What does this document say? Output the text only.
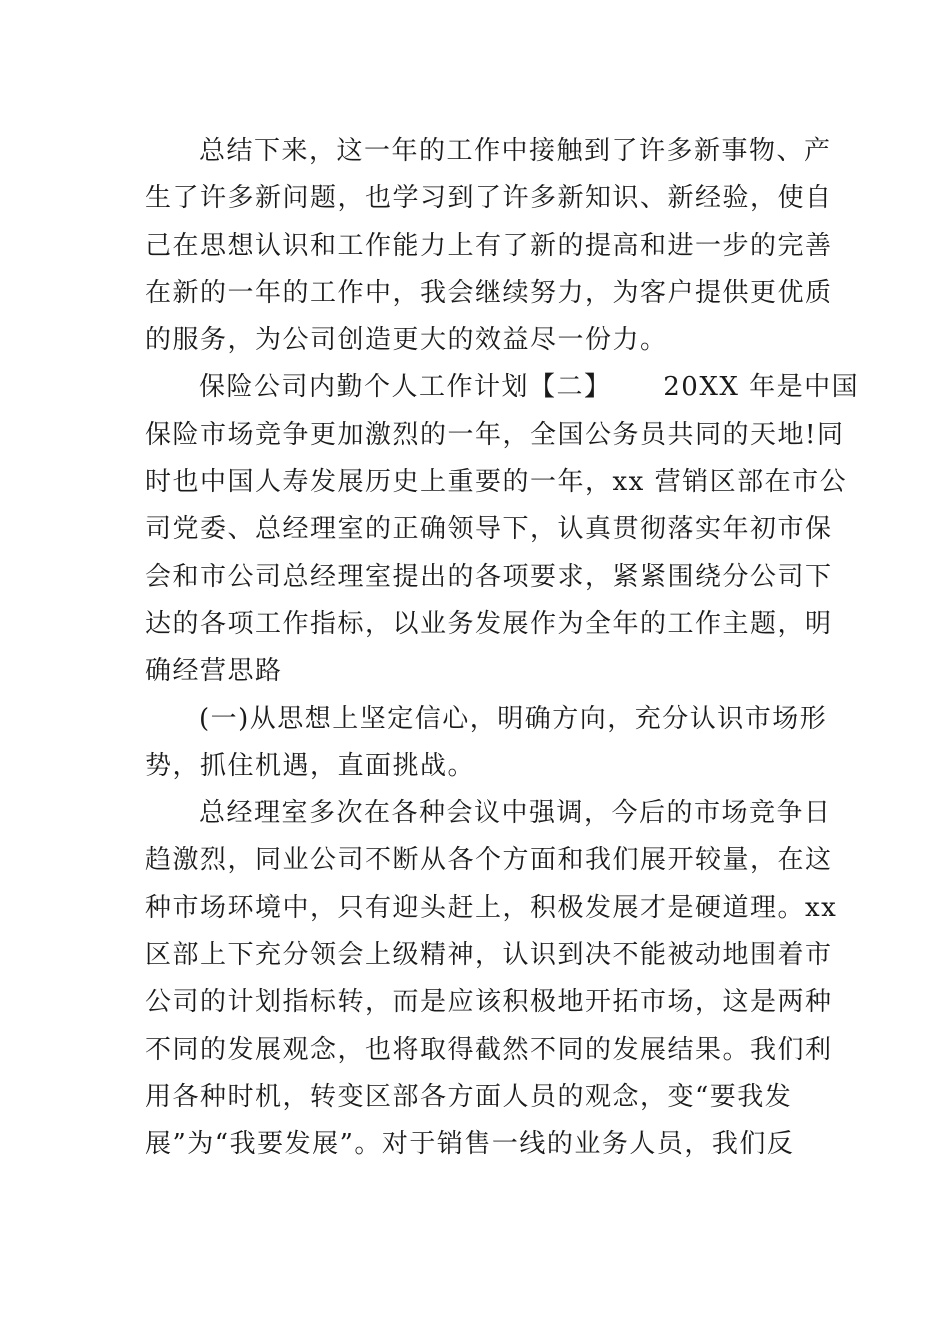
总结下来，这一年的工作中接触到了许多新事物、产
生了许多新问题，也学习到了许多新知识、新经验，使自
己在思想认识和工作能力上有了新的提高和进一步的完善
在新的一年的工作中，我会继续努力，为客户提供更优质
的服务，为公司创造更大的效益尽一份力。
保险公司内勤个人工作计划【二】　　 20XX 年是中国
保险市场竞争更加激烈的一年，全国公务员共同的天地!同
时也中国人寿发展历史上重要的一年，xx 营销区部在市公
司党委、总经理室的正确领导下，认真贯彻落实年初市保
会和市公司总经理室提出的各项要求，紧紧围绕分公司下
达的各项工作指标，以业务发展作为全年的工作主题，明
确经营思路
(一)从思想上坚定信心，明确方向，充分认识市场形
势，抓住机遇，直面挑战。
总经理室多次在各种会议中强调，今后的市场竞争日
趋激烈，同业公司不断从各个方面和我们展开较量，在这
种市场环境中，只有迎头赶上，积极发展才是硬道理。xx
区部上下充分领会上级精神，认识到决不能被动地围着市
公司的计划指标转，而是应该积极地开拓市场，这是两种
不同的发展观念，也将取得截然不同的发展结果。我们利
用各种时机，转变区部各方面人员的观念，变“要我发
展”为“我要发展”。对于销售一线的业务人员，我们反
